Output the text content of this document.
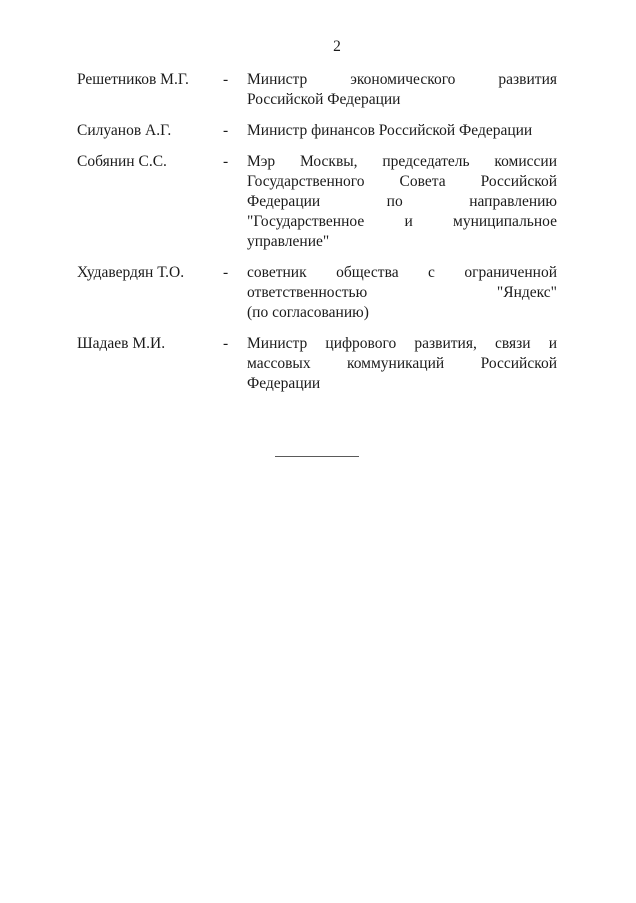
2
Решетников М.Г.	-	Министр экономического развития
Российской Федерации
Силуанов А.Г.	-	Министр финансов Российской Федерации
Собянин С.С.	-	Мэр Москвы, председатель комиссии
Государственного Совета Российской
Федерации по направлению
"Государственное и муниципальное
управление"
Худавердян Т.О.	-	советник общества с ограниченной
ответственностью "Яндекс"
(по согласованию)
Шадаев М.И.	-	Министр цифрового развития, связи и
массовых коммуникаций Российской
Федерации
